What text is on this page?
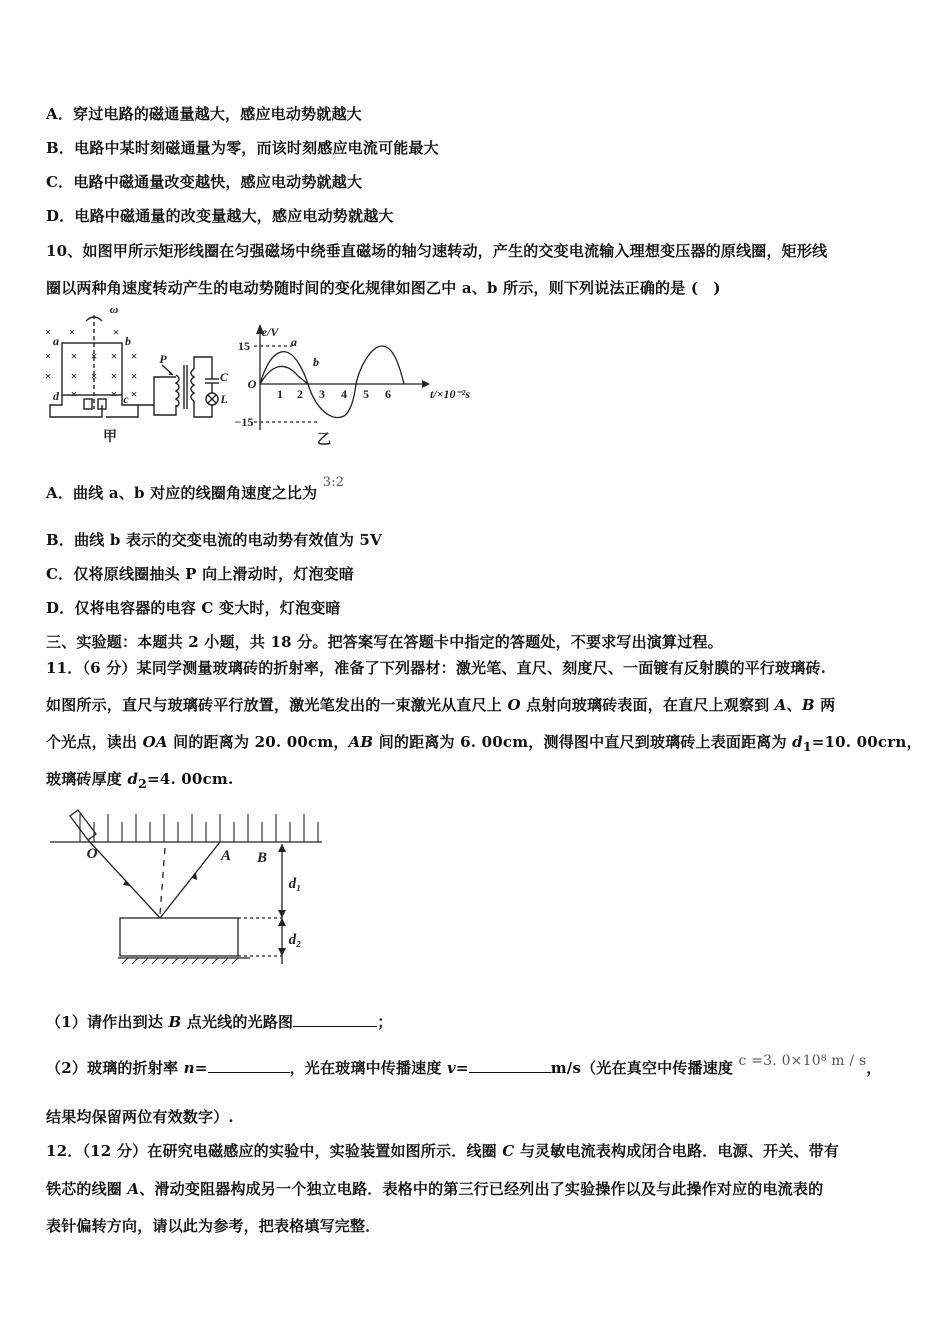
A．穿过电路的磁通量越大，感应电动势就越大
B．电路中某时刻磁通量为零，而该时刻感应电流可能最大
C．电路中磁通量改变越快，感应电动势就越大
D．电路中磁通量的改变量越大，感应电动势就越大
10、如图甲所示矩形线圈在匀强磁场中绕垂直磁场的轴匀速转动，产生的交变电流输入理想变压器的原线圈，矩形线
圈以两种角速度转动产生的电动势随时间的变化规律如图乙中 a、b 所示，则下列说法正确的是 (　)
ω
× ×	×
× × × × ×
× × × × ×
×	× ×
a	b
c
d
P
C
L
甲
e/V
15
−15
O
1 2 3 4 5 6	t/×10⁻²s
a
b
乙
A．曲线 a、b 对应的线圈角速度之比为 3:2
B．曲线 b 表示的交变电流的电动势有效值为 5V
C．仅将原线圈抽头 P 向上滑动时，灯泡变暗
D．仅将电容器的电容 C 变大时，灯泡变暗
三、实验题：本题共 2 小题，共 18 分。把答案写在答题卡中指定的答题处，不要求写出演算过程。
11．（6 分）某同学测量玻璃砖的折射率，准备了下列器材：激光笔、直尺、刻度尺、一面镀有反射膜的平行玻璃砖.
如图所示，直尺与玻璃砖平行放置，激光笔发出的一束激光从直尺上 O 点射向玻璃砖表面，在直尺上观察到 A、B 两
个光点，读出 OA 间的距离为 20. 00cm，AB 间的距离为 6. 00cm，测得图中直尺到玻璃砖上表面距离为 $d_1=10$. 00crn，
玻璃砖厚度 $d_2=4$. 00cm.
O	A B
d₁
d₂
（1）请作出到达 B 点光线的光路图	；
（2）玻璃的折射率 n=	，光在玻璃中传播速度 v=	m/s（光在真空中传播速度 c =3. 0×10⁸ m / s，
结果均保留两位有效数字）.
12．（12 分）在研究电磁感应的实验中，实验装置如图所示．线圈 C 与灵敏电流表构成闭合电路．电源、开关、带有
铁芯的线圈 A、滑动变阻器构成另一个独立电路．表格中的第三行已经列出了实验操作以及与此操作对应的电流表的
表针偏转方向，请以此为参考，把表格填写完整．
